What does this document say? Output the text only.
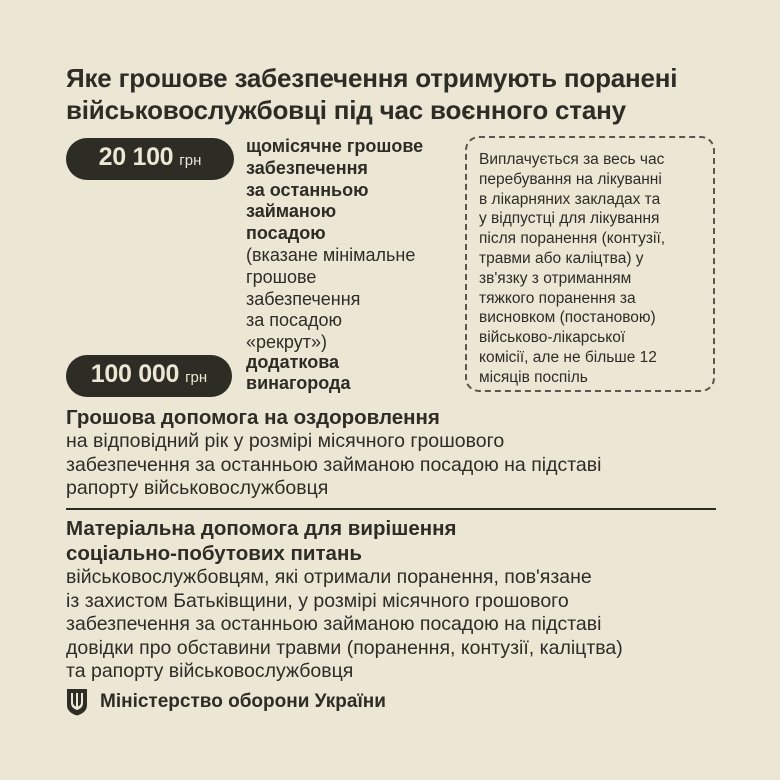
Яке грошове забезпечення отримують поранені
військовослужбовці під час воєнного стану
20 100 грн
щомісячне грошове
забезпечення
за останньою
займаною
посадою
(вказане мінімальне
грошове
забезпечення
за посадою
«рекрут»)
100 000 грн
додаткова
винагорода
Виплачується за весь час
перебування на лікуванні
в лікарняних закладах та
у відпустці для лікування
після поранення (контузії,
травми або каліцтва) у
зв'язку з отриманням
тяжкого поранення за
висновком (постановою)
військово-лікарської
комісії, але не більше 12
місяців поспіль
Грошова допомога на оздоровлення
на відповідний рік у розмірі місячного грошового
забезпечення за останньою займаною посадою на підставі
рапорту військовослужбовця
Матеріальна допомога для вирішення
соціально-побутових питань
військовослужбовцям, які отримали поранення, пов'язане
із захистом Батьківщини, у розмірі місячного грошового
забезпечення за останньою займаною посадою на підставі
довідки про обставини травми (поранення, контузії, каліцтва)
та рапорту військовослужбовця
Міністерство оборони України
